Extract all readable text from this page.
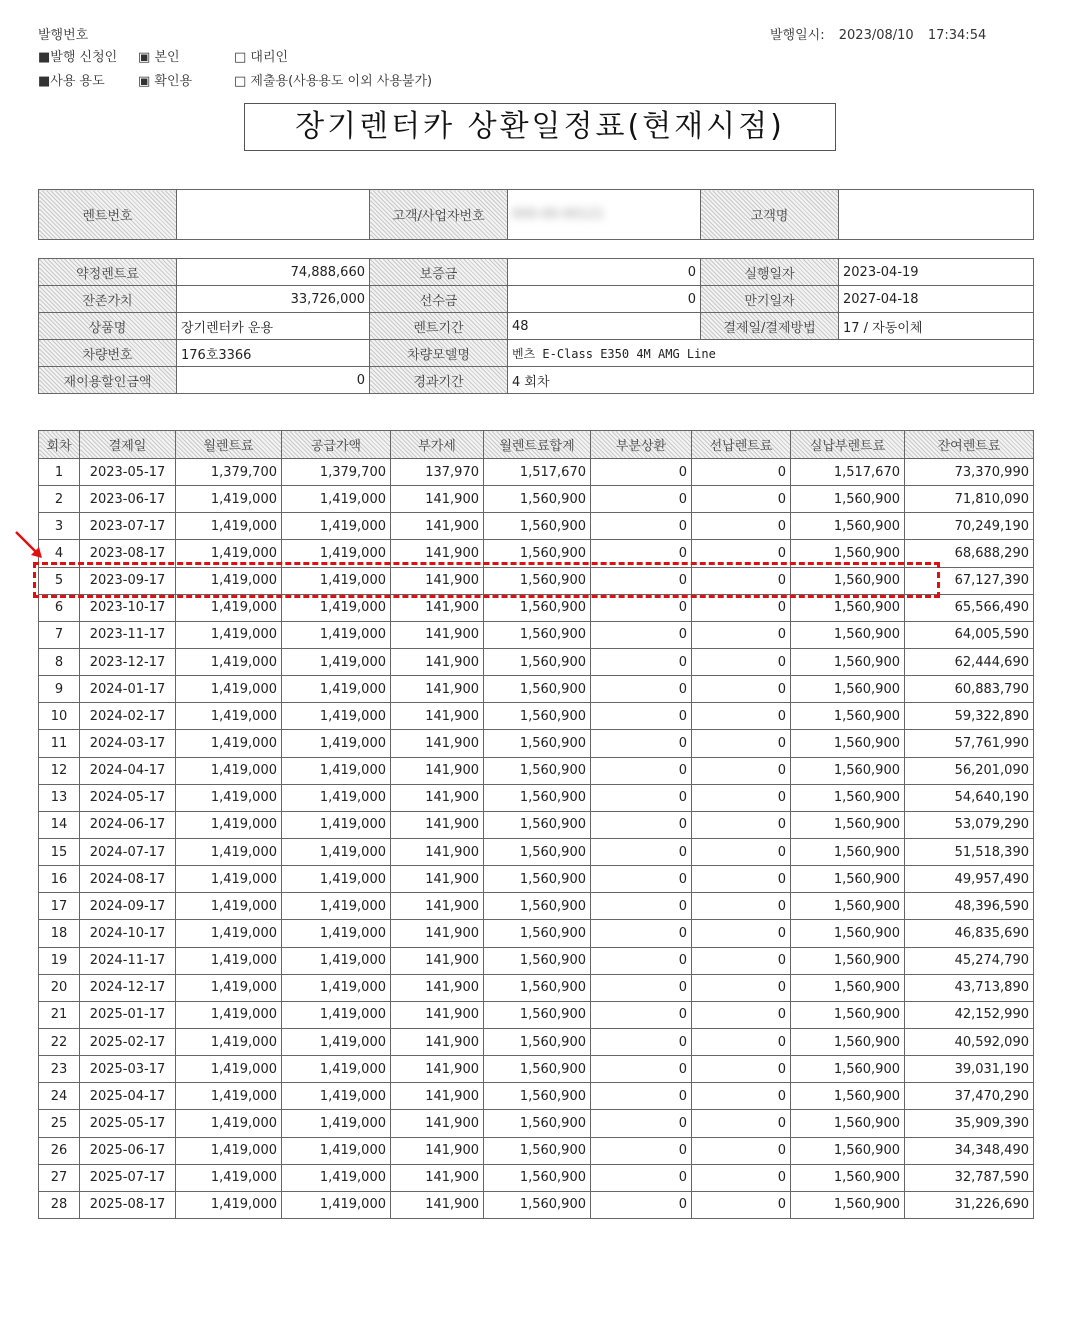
발행번호	발행일시: 2023/08/10 17:34:54
■발행 신청인	▣ 본인	□ 대리인
■사용 용도	▣ 확인용	□ 제출용(사용용도 이외 사용불가)
장기렌터카 상환일정표(현재시점)
렌트번호		고객/사업자번호	000-00-00121	고객명	
약정렌트료	74,888,660	보증금	0	실행일자	2023-04-19
잔존가치	33,726,000	선수금	0	만기일자	2027-04-18
상품명	장기렌터카 운용	렌트기간	48	결제일/결제방법	17 / 자동이체
차량번호	176호3366	차량모델명	벤츠 E-Class E350 4M AMG Line		
재이용할인금액	0	경과기간	4 회차		
회차	결제일	월렌트료	공급가액	부가세	월렌트료합계	부분상환	선납렌트료	실납부렌트료	잔여렌트료
1	2023-05-17	1,379,700	1,379,700	137,970	1,517,670	0	0	1,517,670	73,370,990
2	2023-06-17	1,419,000	1,419,000	141,900	1,560,900	0	0	1,560,900	71,810,090
3	2023-07-17	1,419,000	1,419,000	141,900	1,560,900	0	0	1,560,900	70,249,190
4	2023-08-17	1,419,000	1,419,000	141,900	1,560,900	0	0	1,560,900	68,688,290
5	2023-09-17	1,419,000	1,419,000	141,900	1,560,900	0	0	1,560,900	67,127,390
6	2023-10-17	1,419,000	1,419,000	141,900	1,560,900	0	0	1,560,900	65,566,490
7	2023-11-17	1,419,000	1,419,000	141,900	1,560,900	0	0	1,560,900	64,005,590
8	2023-12-17	1,419,000	1,419,000	141,900	1,560,900	0	0	1,560,900	62,444,690
9	2024-01-17	1,419,000	1,419,000	141,900	1,560,900	0	0	1,560,900	60,883,790
10	2024-02-17	1,419,000	1,419,000	141,900	1,560,900	0	0	1,560,900	59,322,890
11	2024-03-17	1,419,000	1,419,000	141,900	1,560,900	0	0	1,560,900	57,761,990
12	2024-04-17	1,419,000	1,419,000	141,900	1,560,900	0	0	1,560,900	56,201,090
13	2024-05-17	1,419,000	1,419,000	141,900	1,560,900	0	0	1,560,900	54,640,190
14	2024-06-17	1,419,000	1,419,000	141,900	1,560,900	0	0	1,560,900	53,079,290
15	2024-07-17	1,419,000	1,419,000	141,900	1,560,900	0	0	1,560,900	51,518,390
16	2024-08-17	1,419,000	1,419,000	141,900	1,560,900	0	0	1,560,900	49,957,490
17	2024-09-17	1,419,000	1,419,000	141,900	1,560,900	0	0	1,560,900	48,396,590
18	2024-10-17	1,419,000	1,419,000	141,900	1,560,900	0	0	1,560,900	46,835,690
19	2024-11-17	1,419,000	1,419,000	141,900	1,560,900	0	0	1,560,900	45,274,790
20	2024-12-17	1,419,000	1,419,000	141,900	1,560,900	0	0	1,560,900	43,713,890
21	2025-01-17	1,419,000	1,419,000	141,900	1,560,900	0	0	1,560,900	42,152,990
22	2025-02-17	1,419,000	1,419,000	141,900	1,560,900	0	0	1,560,900	40,592,090
23	2025-03-17	1,419,000	1,419,000	141,900	1,560,900	0	0	1,560,900	39,031,190
24	2025-04-17	1,419,000	1,419,000	141,900	1,560,900	0	0	1,560,900	37,470,290
25	2025-05-17	1,419,000	1,419,000	141,900	1,560,900	0	0	1,560,900	35,909,390
26	2025-06-17	1,419,000	1,419,000	141,900	1,560,900	0	0	1,560,900	34,348,490
27	2025-07-17	1,419,000	1,419,000	141,900	1,560,900	0	0	1,560,900	32,787,590
28	2025-08-17	1,419,000	1,419,000	141,900	1,560,900	0	0	1,560,900	31,226,690
